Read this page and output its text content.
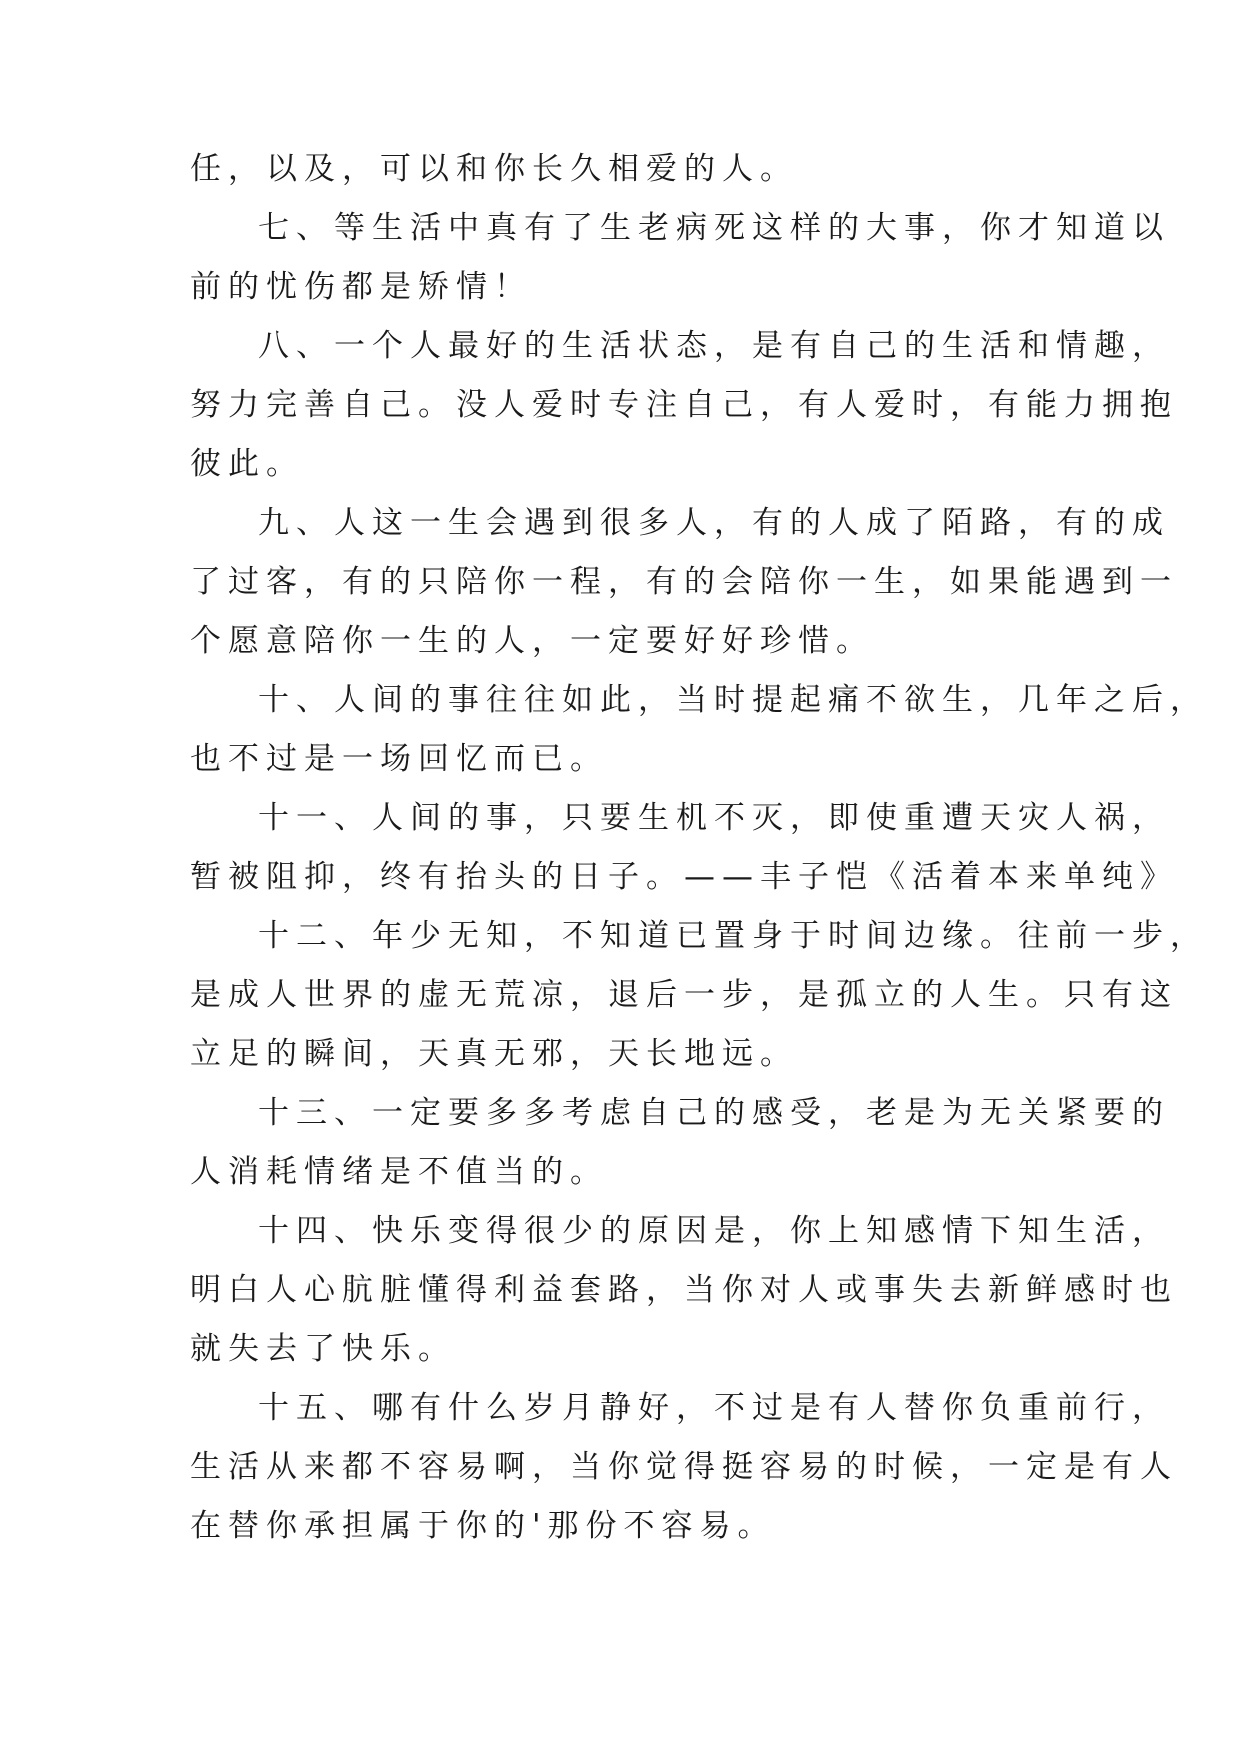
任，以及，可以和你长久相爱的人。
七、等生活中真有了生老病死这样的大事，你才知道以
前的忧伤都是矫情！
八、一个人最好的生活状态，是有自己的生活和情趣，
努力完善自己。没人爱时专注自己，有人爱时，有能力拥抱
彼此。
九、人这一生会遇到很多人，有的人成了陌路，有的成
了过客，有的只陪你一程，有的会陪你一生，如果能遇到一
个愿意陪你一生的人，一定要好好珍惜。
十、人间的事往往如此，当时提起痛不欲生，几年之后，
也不过是一场回忆而已。
十一、人间的事，只要生机不灭，即使重遭天灾人祸，
暂被阻抑，终有抬头的日子。——丰子恺《活着本来单纯》
十二、年少无知，不知道已置身于时间边缘。往前一步，
是成人世界的虚无荒凉，退后一步，是孤立的人生。只有这
立足的瞬间，天真无邪，天长地远。
十三、一定要多多考虑自己的感受，老是为无关紧要的
人消耗情绪是不值当的。
十四、快乐变得很少的原因是，你上知感情下知生活，
明白人心肮脏懂得利益套路，当你对人或事失去新鲜感时也
就失去了快乐。
十五、哪有什么岁月静好，不过是有人替你负重前行，
生活从来都不容易啊，当你觉得挺容易的时候，一定是有人
在替你承担属于你的'那份不容易。
